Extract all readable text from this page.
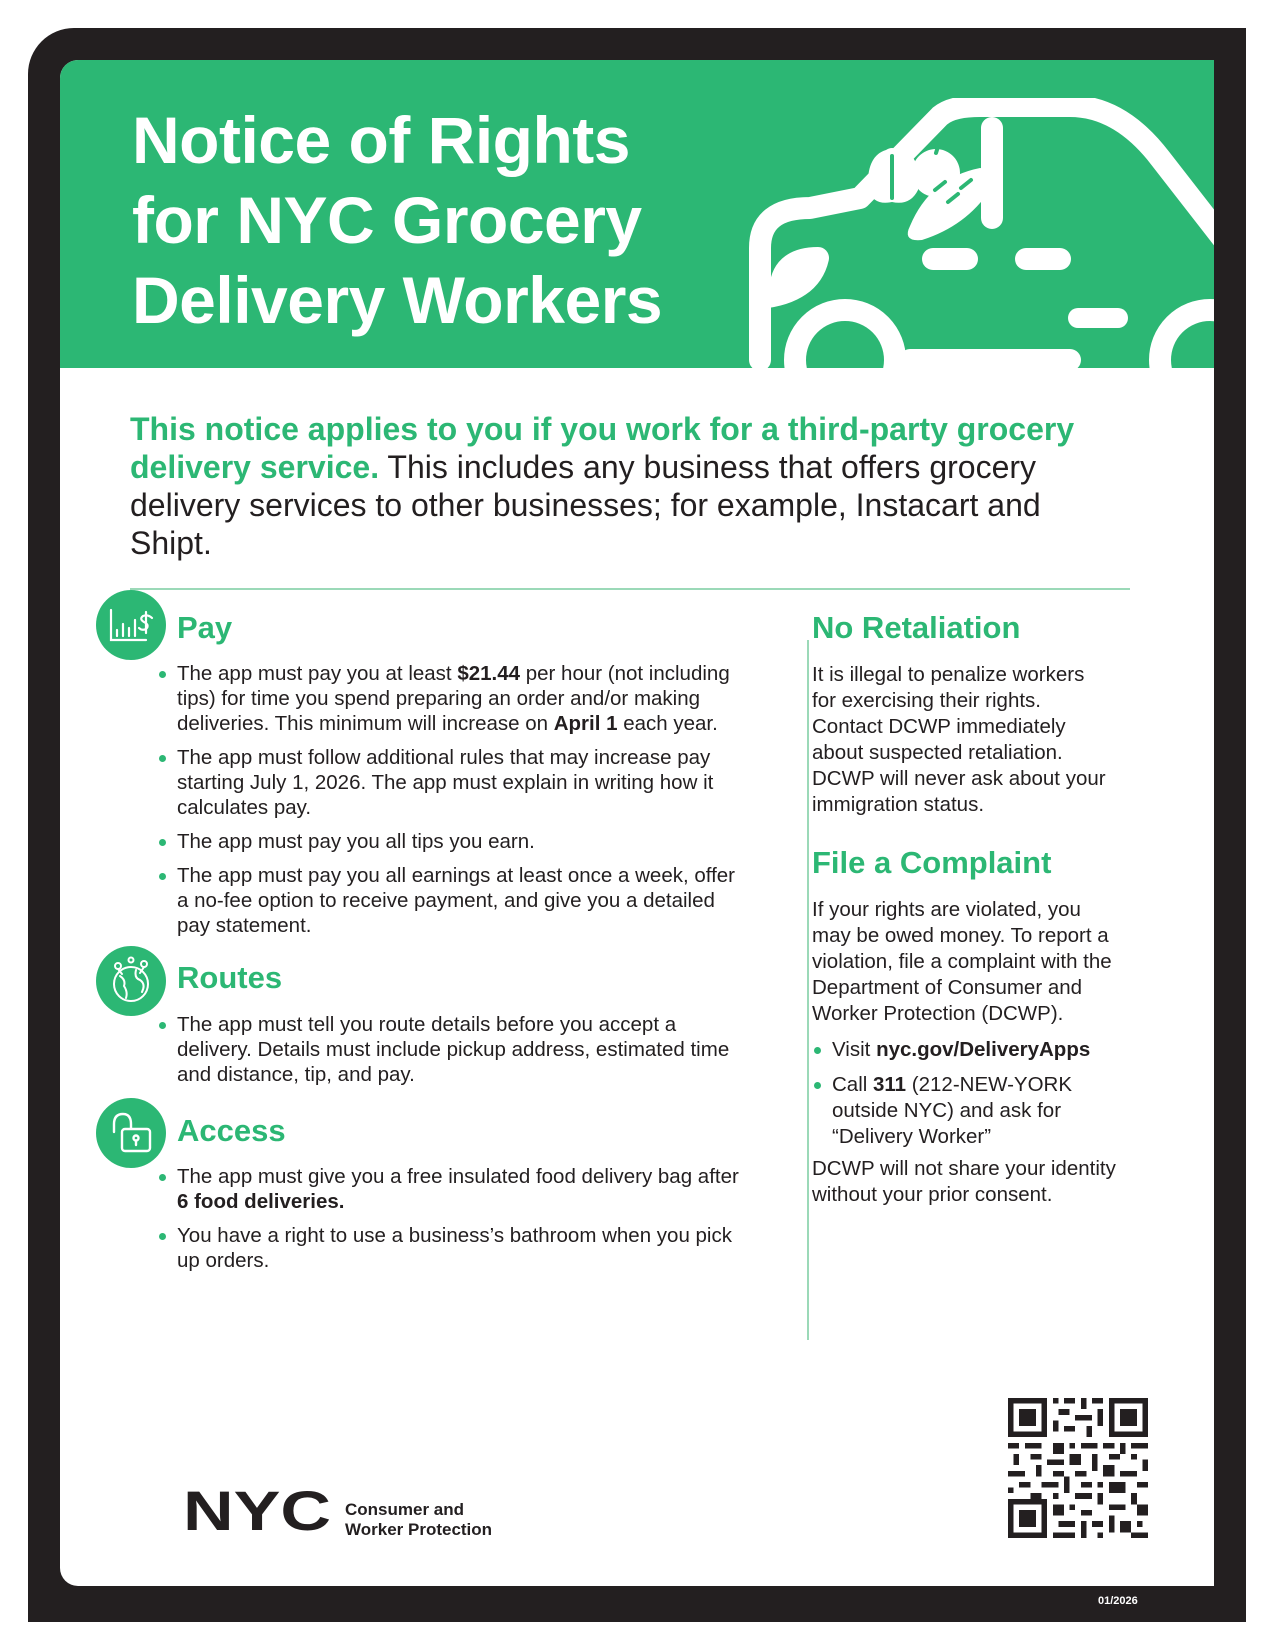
Notice of Rights
for NYC Grocery
Delivery Workers

This notice applies to you if you work for a third-party grocery delivery service. This includes any business that offers grocery delivery services to other businesses; for example, Instacart and Shipt.

Pay
The app must pay you at least $21.44 per hour (not including tips) for time you spend preparing an order and/or making deliveries. This minimum will increase on April 1 each year.
The app must follow additional rules that may increase pay starting July 1, 2026. The app must explain in writing how it calculates pay.
The app must pay you all tips you earn.
The app must pay you all earnings at least once a week, offer a no-fee option to receive payment, and give you a detailed pay statement.
Routes
The app must tell you route details before you accept a delivery. Details must include pickup address, estimated time and distance, tip, and pay.
Access
The app must give you a free insulated food delivery bag after 6 food deliveries.
You have a right to use a business’s bathroom when you pick up orders.
No Retaliation

It is illegal to penalize workers for exercising their rights. Contact DCWP immediately about suspected retaliation. DCWP will never ask about your immigration status.

File a Complaint

If your rights are violated, you may be owed money. To report a violation, file a complaint with the Department of Consumer and Worker Protection (DCWP).

Visit nyc.gov/DeliveryApps
Call 311 (212-NEW-YORK outside NYC) and ask for “Delivery Worker”

DCWP will not share your identity without your prior consent.

NYC Consumer and
Worker Protection

01/2026
